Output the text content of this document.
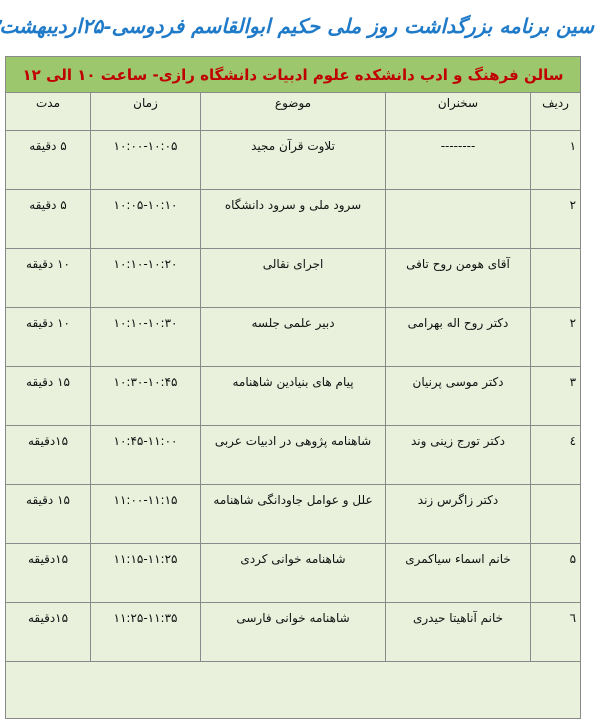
سین برنامه بزرگداشت روز ملی حکیم ابوالقاسم فردوسی-۲۵اردیبهشت
سالن فرهنگ و ادب دانشکده علوم ادبیات دانشگاه رازی- ساعت ۱۰ الی ۱۲				
ردیف	سخنران	موضوع	زمان	مدت
۱	--------	تلاوت قرآن مجید	۱۰:۰۰-۱۰:۰۵	۵ دقیقه
۲		سرود ملی و سرود دانشگاه	۱۰:۰۵-۱۰:۱۰	۵ دقیقه
	آقای هومن روح تافی	اجرای نقالی	۱۰:۱۰-۱۰:۲۰	۱۰ دقیقه
۲	دکتر روح اله بهرامی	دبیر علمی جلسه	۱۰:۱۰-۱۰:۳۰	۱۰ دقیقه
۳	دکتر موسی پرنیان	پیام های بنیادین شاهنامه	۱۰:۳۰-۱۰:۴۵	۱۵ دقیقه
٤	دکتر تورج زینی وند	شاهنامه پژوهی در ادبیات عربی	۱۰:۴۵-۱۱:۰۰	۱۵دقیقه
	دکتر زاگرس زند	علل و عوامل جاودانگی شاهنامه	۱۱:۰۰-۱۱:۱۵	۱۵ دقیقه
۵	خانم اسماء سیاکمری	شاهنامه خوانی کردی	۱۱:۱۵-۱۱:۲۵	۱۵دقیقه
٦	خانم آناهیتا حیدری	شاهنامه خوانی فارسی	۱۱:۲۵-۱۱:۳۵	۱۵دقیقه
